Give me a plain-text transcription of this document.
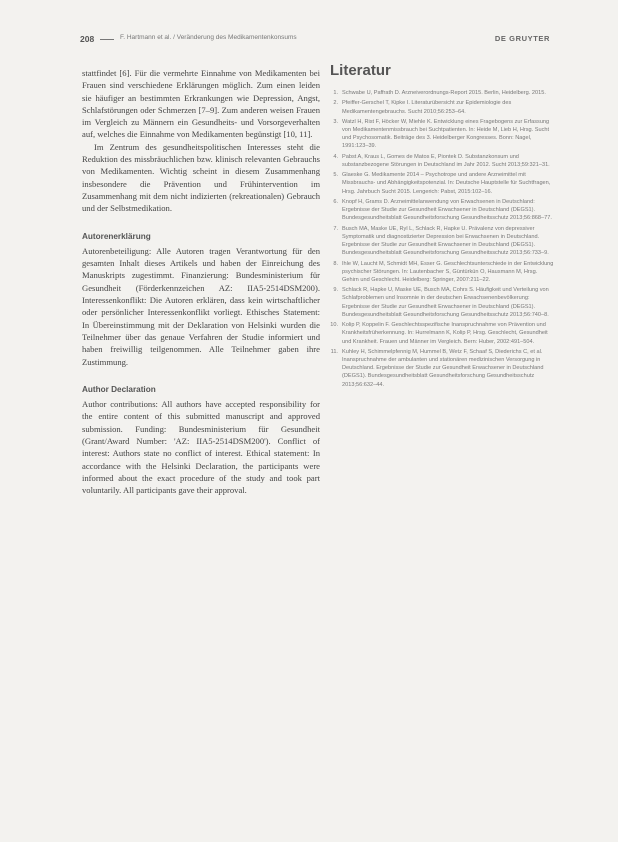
208	F. Hartmann et al. / Veränderung des Medikamentenkonsums	DE GRUYTER

stattfindet [6]. Für die vermehrte Einnahme von Medikamenten bei Frauen sind verschiedene Erklärungen möglich. Zum einen leiden sie häufiger an bestimmten Erkrankungen wie Depression, Angst, Schlafstörungen oder Schmerzen [7–9]. Zum anderen weisen Frauen im Vergleich zu Männern ein Gesundheits- und Vorsorgeverhalten auf, welches die Einnahme von Medikamenten begünstigt [10, 11].

Im Zentrum des gesundheitspolitischen Interesses steht die Reduktion des missbräuchlichen bzw. klinisch relevanten Gebrauchs von Medikamenten. Wichtig scheint in diesem Zusammenhang insbesondere die Prävention und Frühintervention im Zusammenhang mit dem nicht indizierten (rekreationalen) Gebrauch und der Selbstmedikation.

Autorenerklärung

Autorenbeteiligung: Alle Autoren tragen Verantwortung für den gesamten Inhalt dieses Artikels und haben der Einreichung des Manuskripts zugestimmt. Finanzierung: Bundesministerium für Gesundheit (Förderkennzeichen AZ: IIA5-2514DSM200). Interessenkonflikt: Die Autoren erklären, dass kein wirtschaftlicher oder persönlicher Interessenkonflikt vorliegt. Ethisches Statement: In Übereinstimmung mit der Deklaration von Helsinki wurden die Teilnehmer über das genaue Verfahren der Studie informiert und haben freiwillig teilgenommen. Alle Teilnehmer gaben ihre Zustimmung.

Author Declaration

Author contributions: All authors have accepted responsibility for the entire content of this submitted manuscript and approved submission. Funding: Bundesministerium für Gesundheit (Grant/Award Number: 'AZ: IIA5-2514DSM200'). Conflict of interest: Authors state no conflict of interest. Ethical statement: In accordance with the Helsinki Declaration, the participants were informed about the exact procedure of the study and took part voluntarily. All participants gave their approval.

Literatur
1. Schwabe U, Paffrath D. Arzneiverordnungs-Report 2015. Berlin, Heidelberg. 2015.
2. Pfeiffer-Gerschel T, Kipke I. Literaturübersicht zur Epidemiologie des Medikamentengebrauchs. Sucht 2010;56:253–64.
3. Watzl H, Rist F, Höcker W, Miehle K. Entwicklung eines Fragebogens zur Erfassung von Medikamentenmissbrauch bei Suchtpatienten. In: Heide M, Lieb H, Hrsg. Sucht und Psychosomatik. Beiträge des 3. Heidelberger Kongresses. Bonn: Nagel, 1991:123–39.
4. Pabst A, Kraus L, Gomes de Matos E, Piontek D. Substanzkonsum und substanzbezogene Störungen in Deutschland im Jahr 2012. Sucht 2013;59:321–31.
5. Glaeske G. Medikamente 2014 – Psychotrope und andere Arzneimittel mit Missbrauchs- und Abhängigkeitspotenzial. In: Deutsche Hauptstelle für Suchtfragen, Hrsg. Jahrbuch Sucht 2015. Lengerich: Pabst, 2015:102–16.
6. Knopf H, Grams D. Arzneimittelanwendung von Erwachsenen in Deutschland: Ergebnisse der Studie zur Gesundheit Erwachsener in Deutschland (DEGS1). Bundesgesundheitsblatt Gesundheitsforschung Gesundheitsschutz 2013;56:868–77.
7. Busch MA, Maske UE, Ryl L, Schlack R, Hapke U. Prävalenz von depressiver Symptomatik und diagnostizierter Depression bei Erwachsenen in Deutschland. Ergebnisse der Studie zur Gesundheit Erwachsener in Deutschland (DEGS1). Bundesgesundheitsblatt Gesundheitsforschung Gesundheitsschutz 2013;56:733–9.
8. Ihle W, Laucht M, Schmidt MH, Esser G. Geschlechtsunterschiede in der Entwicklung psychischer Störungen. In: Lautenbacher S, Güntürkün O, Hausmann M, Hrsg. Gehirn und Geschlecht. Heidelberg: Springer, 2007:211–22.
9. Schlack R, Hapke U, Maske UE, Busch MA, Cohrs S. Häufigkeit und Verteilung von Schlafproblemen und Insomnie in der deutschen Erwachsenenbevölkerung: Ergebnisse der Studie zur Gesundheit Erwachsener in Deutschland (DEGS1). Bundesgesundheitsblatt Gesundheitsforschung Gesundheitsschutz 2013;56:740–8.
10. Kolip P, Koppelin F. Geschlechtsspezifische Inanspruchnahme von Prävention und Krankheitsfrüherkennung. In: Hurrelmann K, Kolip P, Hrsg. Geschlecht, Gesundheit und Krankheit. Frauen und Männer im Vergleich. Bern: Huber, 2002:491–504.
11. Kuhley H, Schimmelpfennig M, Hummel B, Wetz F, Schaaf S, Diederichs C, et al. Inanspruchnahme der ambulanten und stationären medizinischen Versorgung in Deutschland. Ergebnisse der Studie zur Gesundheit Erwachsener in Deutschland (DEGS1). Bundesgesundheitsblatt Gesundheitsforschung Gesundheitsschutz 2013;56:632–44.
